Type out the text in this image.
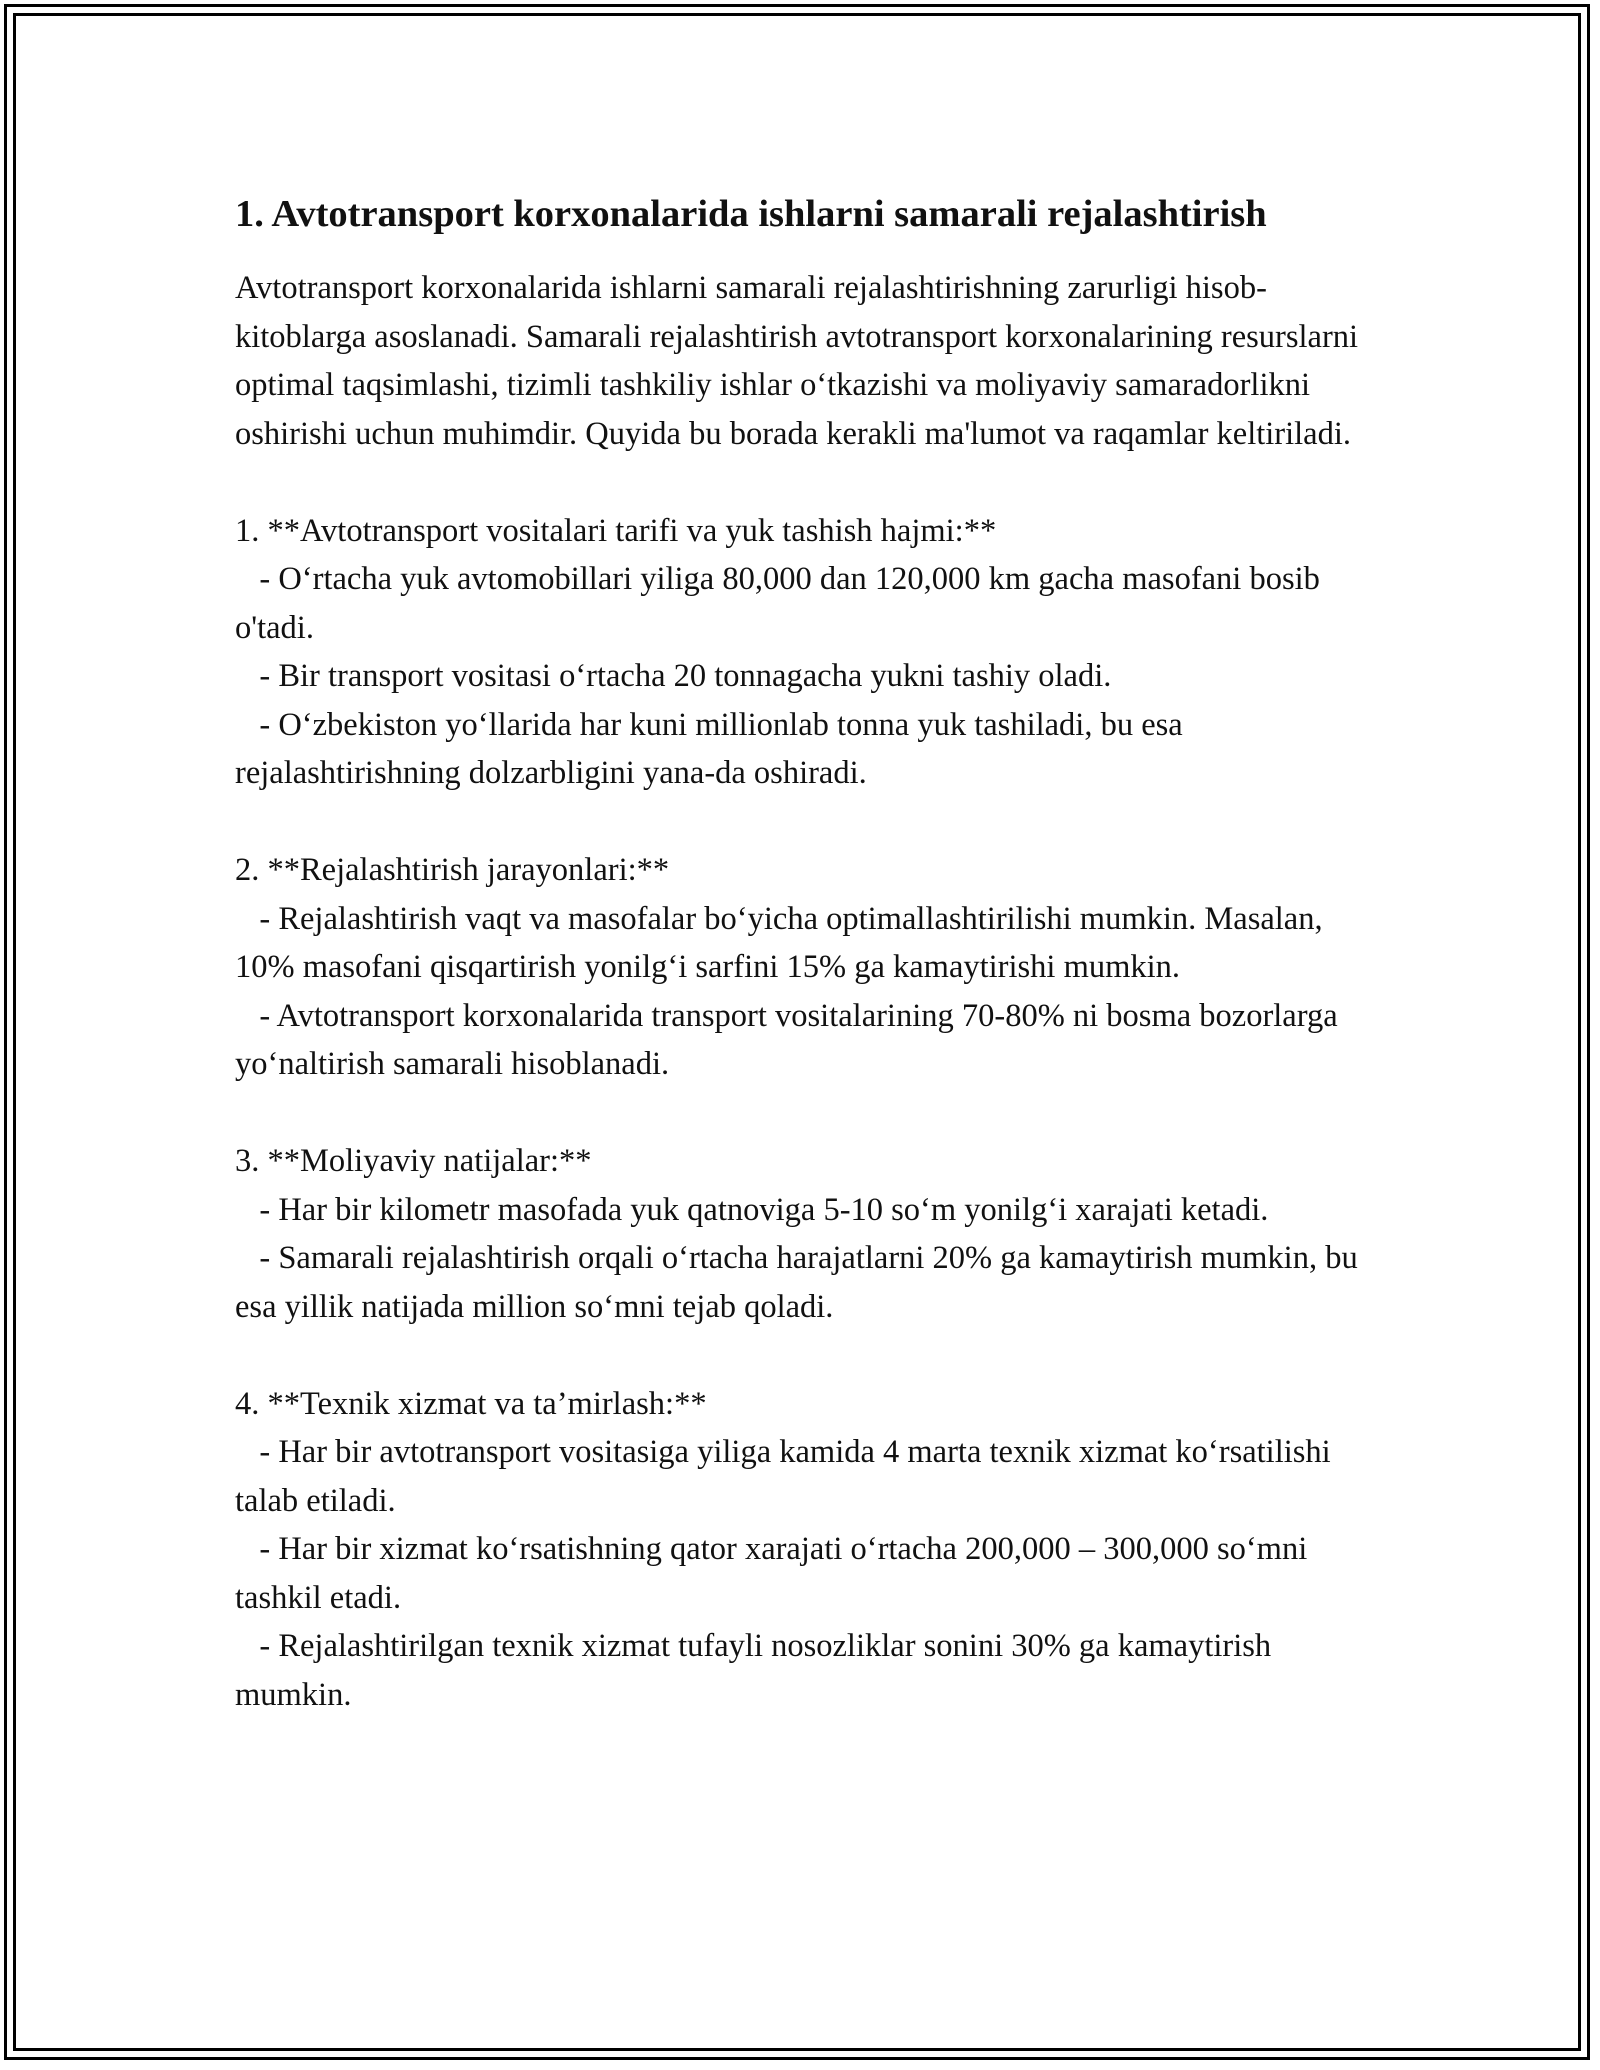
1. Avtotransport korxonalarida ishlarni samarali rejalashtirish

Avtotransport korxonalarida ishlarni samarali rejalashtirishning zarurligi hisob-kitoblarga asoslanadi. Samarali rejalashtirish avtotransport korxonalarining resurslarni optimal taqsimlashi, tizimli tashkiliy ishlar o‘tkazishi va moliyaviy samaradorlikni oshirishi uchun muhimdir. Quyida bu borada kerakli ma'lumot va raqamlar keltiriladi.

1. **Avtotransport vositalari tarifi va yuk tashish hajmi:**

- O‘rtacha yuk avtomobillari yiliga 80,000 dan 120,000 km gacha masofani bosib o'tadi.

- Bir transport vositasi o‘rtacha 20 tonnagacha yukni tashiy oladi.

- O‘zbekiston yo‘llarida har kuni millionlab tonna yuk tashiladi, bu esa rejalashtirishning dolzarbligini yana-da oshiradi.

2. **Rejalashtirish jarayonlari:**

- Rejalashtirish vaqt va masofalar bo‘yicha optimallashtirilishi mumkin. Masalan, 10% masofani qisqartirish yonilg‘i sarfini 15% ga kamaytirishi mumkin.

- Avtotransport korxonalarida transport vositalarining 70-80% ni bosma bozorlarga yo‘naltirish samarali hisoblanadi.

3. **Moliyaviy natijalar:**

- Har bir kilometr masofada yuk qatnoviga 5-10 so‘m yonilg‘i xarajati ketadi.

- Samarali rejalashtirish orqali o‘rtacha harajatlarni 20% ga kamaytirish mumkin, bu esa yillik natijada million so‘mni tejab qoladi.

4. **Texnik xizmat va ta’mirlash:**

- Har bir avtotransport vositasiga yiliga kamida 4 marta texnik xizmat ko‘rsatilishi talab etiladi.

- Har bir xizmat ko‘rsatishning qator xarajati o‘rtacha 200,000 – 300,000 so‘mni tashkil etadi.

- Rejalashtirilgan texnik xizmat tufayli nosozliklar sonini 30% ga kamaytirish mumkin.
